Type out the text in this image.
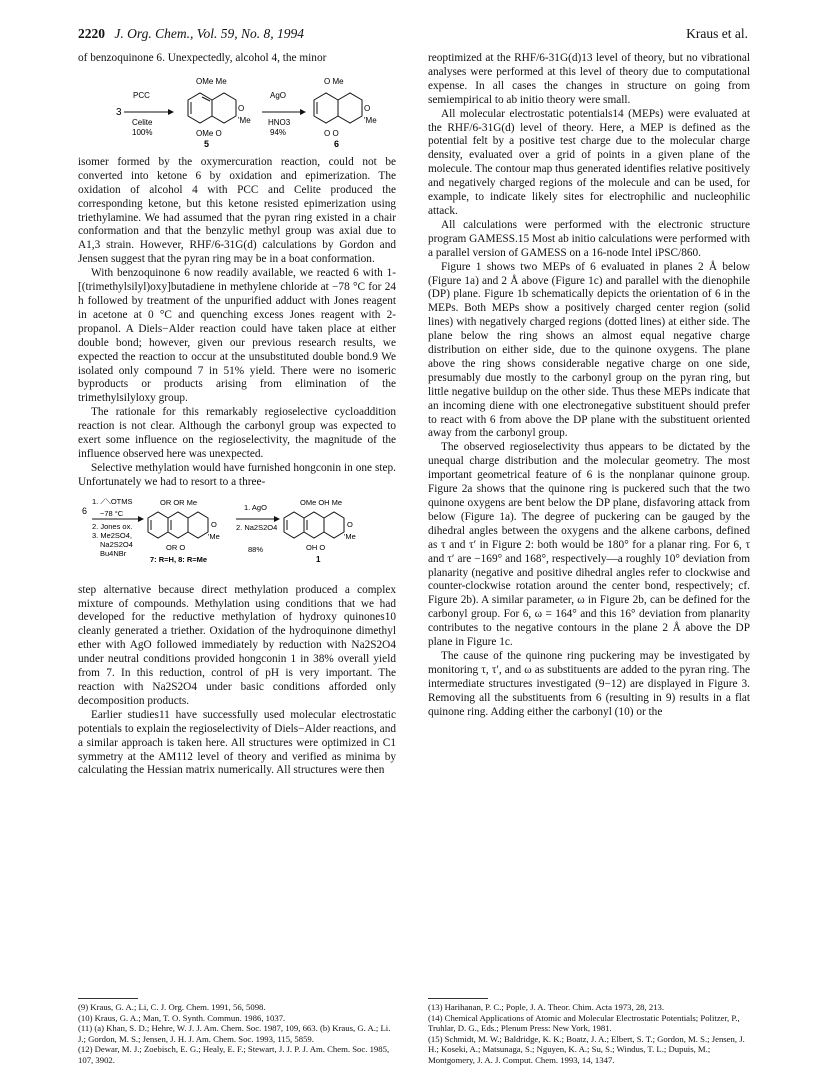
2220 J. Org. Chem., Vol. 59, No. 8, 1994	Kraus et al.

of benzoquinone 6. Unexpectedly, alcohol 4, the minor

3
PCC
Celite
100%
OMe Me
OMe O
O
'Me
5
AgO
HNO3
94%
O Me
O O
O
'Me
6

isomer formed by the oxymercuration reaction, could not be converted into ketone 6 by oxidation and epimerization. The oxidation of alcohol 4 with PCC and Celite produced the corresponding ketone, but this ketone resisted epimerization using triethylamine. We had assumed that the pyran ring existed in a chair conformation and that the benzylic methyl group was axial due to A1,3 strain. However, RHF/6-31G(d) calculations by Gordon and Jensen suggest that the pyran ring may be in a boat conformation.

With benzoquinone 6 now readily available, we reacted 6 with 1-[(trimethylsilyl)oxy]butadiene in methylene chloride at −78 °C for 24 h followed by treatment of the unpurified adduct with Jones reagent in acetone at 0 °C and quenching excess Jones reagent with 2-propanol. A Diels−Alder reaction could have taken place at either double bond; however, given our previous research results, we expected the reaction to occur at the unsubstituted double bond.9 We isolated only compound 7 in 51% yield. There were no isomeric byproducts or products arising from elimination of the trimethylsilyloxy group.

The rationale for this remarkably regioselective cycloaddition reaction is not clear. Although the carbonyl group was expected to exert some influence on the regioselectivity, the magnitude of the influence observed here was unexpected.

Selective methylation would have furnished hongconin in one step. Unfortunately we had to resort to a three-

6
1. ⟋⟍OTMS
−78 °C
2. Jones ox.
3. Me2SO4,
Na2S2O4
Bu4NBr
OR OR Me
O
'Me
OR O
7: R=H, 8: R=Me
1. AgO
2. Na2S2O4
88%
OMe OH Me
O
'Me
OH O
1

step alternative because direct methylation produced a complex mixture of compounds. Methylation using conditions that we had developed for the reductive methylation of hydroxy quinones10 cleanly generated a triether. Oxidation of the hydroquinone dimethyl ether with AgO followed immediately by reduction with Na2S2O4 under neutral conditions provided hongconin 1 in 38% overall yield from 7. In this reduction, control of pH is very important. The reaction with Na2S2O4 under basic conditions afforded only decomposition products.

Earlier studies11 have successfully used molecular electrostatic potentials to explain the regioselectivity of Diels−Alder reactions, and a similar approach is taken here. All structures were optimized in C1 symmetry at the AM112 level of theory and verified as minima by calculating the Hessian matrix numerically. All structures were then

reoptimized at the RHF/6-31G(d)13 level of theory, but no vibrational analyses were performed at this level of theory due to computational expense. In all cases the changes in structure on going from semiempirical to ab initio theory were small.

All molecular electrostatic potentials14 (MEPs) were evaluated at the RHF/6-31G(d) level of theory. Here, a MEP is defined as the potential felt by a positive test charge due to the molecular charge density, evaluated over a grid of points in a given plane of the molecule. The contour map thus generated identifies relative positively and negatively charged regions of the molecule and can be used, for example, to indicate likely sites for electrophilic and nucleophilic attack.

All calculations were performed with the electronic structure program GAMESS.15 Most ab initio calculations were performed with a parallel version of GAMESS on a 16-node Intel iPSC/860.

Figure 1 shows two MEPs of 6 evaluated in planes 2 Å below (Figure 1a) and 2 Å above (Figure 1c) and parallel with the dienophile (DP) plane. Figure 1b schematically depicts the orientation of 6 in the MEPs. Both MEPs show a positively charged center region (solid lines) with negatively charged regions (dotted lines) at either side. The plane below the ring shows an almost equal negative charge distribution on either side, due to the quinone oxygens. The plane above the ring shows considerable negative charge on one side, presumably due mostly to the carbonyl group on the pyran ring, but little negative buildup on the other side. Thus these MEPs indicate that an incoming diene with one electronegative substituent should prefer to react with 6 from above the DP plane with the substituent oriented away from the carbonyl group.

The observed regioselectivity thus appears to be dictated by the unequal charge distribution and the molecular geometry. The most important geometrical feature of 6 is the nonplanar quinone group. Figure 2a shows that the quinone ring is puckered such that the two quinone oxygens are bent below the DP plane, disfavoring attack from below (Figure 1a). The degree of puckering can be gauged by the dihedral angles between the oxygens and the alkene carbons, defined as τ and τ′ in Figure 2: both would be 180° for a planar ring. For 6, τ and τ′ are −169° and 168°, respectively—a roughly 10° deviation from planarity (negative and positive dihedral angles refer to clockwise and counter-clockwise rotation around the center bond, respectively; cf. Figure 2b). A similar parameter, ω in Figure 2b, can be defined for the carbonyl group. For 6, ω = 164° and this 16° deviation from planarity contributes to the negative contours in the plane 2 Å above the DP plane in Figure 1c.

The cause of the quinone ring puckering may be investigated by monitoring τ, τ′, and ω as substituents are added to the pyran ring. The intermediate structures investigated (9−12) are displayed in Figure 3. Removing all the substituents from 6 (resulting in 9) results in a flat quinone ring. Adding either the carbonyl (10) or the

(9) Kraus, G. A.; Li, C. J. Org. Chem. 1991, 56, 5098.

(10) Kraus, G. A.; Man, T. O. Synth. Commun. 1986, 1037.

(11) (a) Khan, S. D.; Hehre, W. J. J. Am. Chem. Soc. 1987, 109, 663. (b) Kraus, G. A.; Li. J.; Gordon, M. S.; Jensen, J. H. J. Am. Chem. Soc. 1993, 115, 5859.

(12) Dewar, M. J.; Zoebisch, E. G.; Healy, E. F.; Stewart, J. J. P. J. Am. Chem. Soc. 1985, 107, 3902.

(13) Harihanan, P. C.; Pople, J. A. Theor. Chim. Acta 1973, 28, 213.

(14) Chemical Applications of Atomic and Molecular Electrostatic Potentials; Politzer, P., Truhlar, D. G., Eds.; Plenum Press: New York, 1981.

(15) Schmidt, M. W.; Baldridge, K. K.; Boatz, J. A.; Elbert, S. T.; Gordon, M. S.; Jensen, J. H.; Koseki, A.; Matsunaga, S.; Nguyen, K. A.; Su, S.; Windus, T. L.; Dupuis, M.; Montgomery, J. A. J. Comput. Chem. 1993, 14, 1347.
